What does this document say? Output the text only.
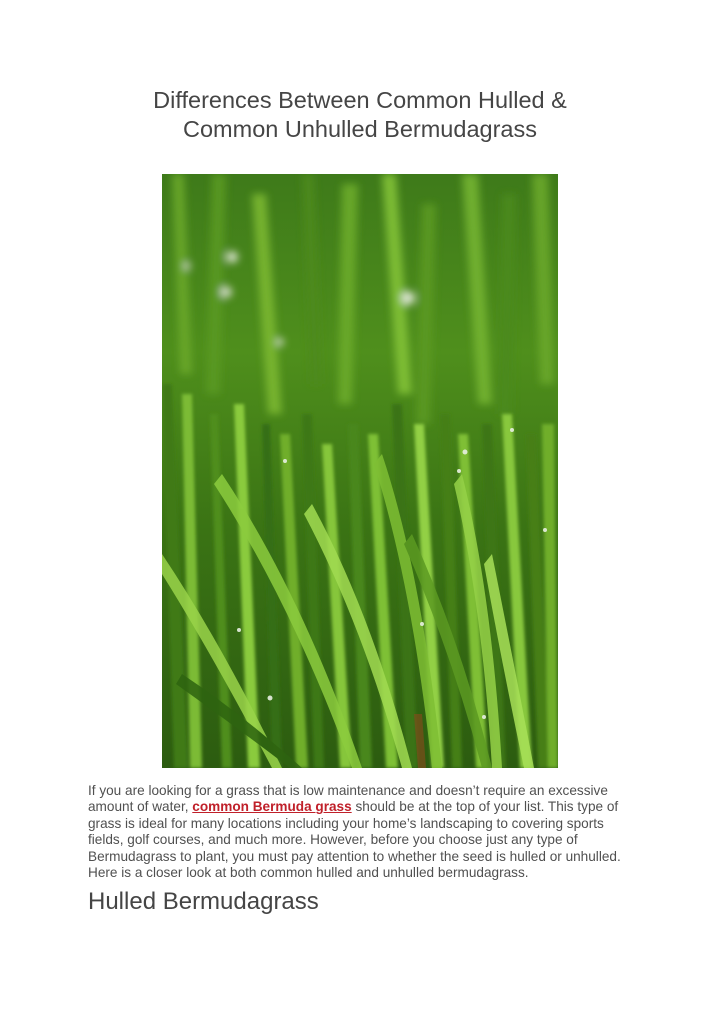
Differences Between Common Hulled &
Common Unhulled Bermudagrass

If you are looking for a grass that is low maintenance and doesn’t require an excessive
amount of water, common Bermuda grass should be at the top of your list. This type of
grass is ideal for many locations including your home’s landscaping to covering sports
fields, golf courses, and much more. However, before you choose just any type of
Bermudagrass to plant, you must pay attention to whether the seed is hulled or unhulled.
Here is a closer look at both common hulled and unhulled bermudagrass.

Hulled Bermudagrass
